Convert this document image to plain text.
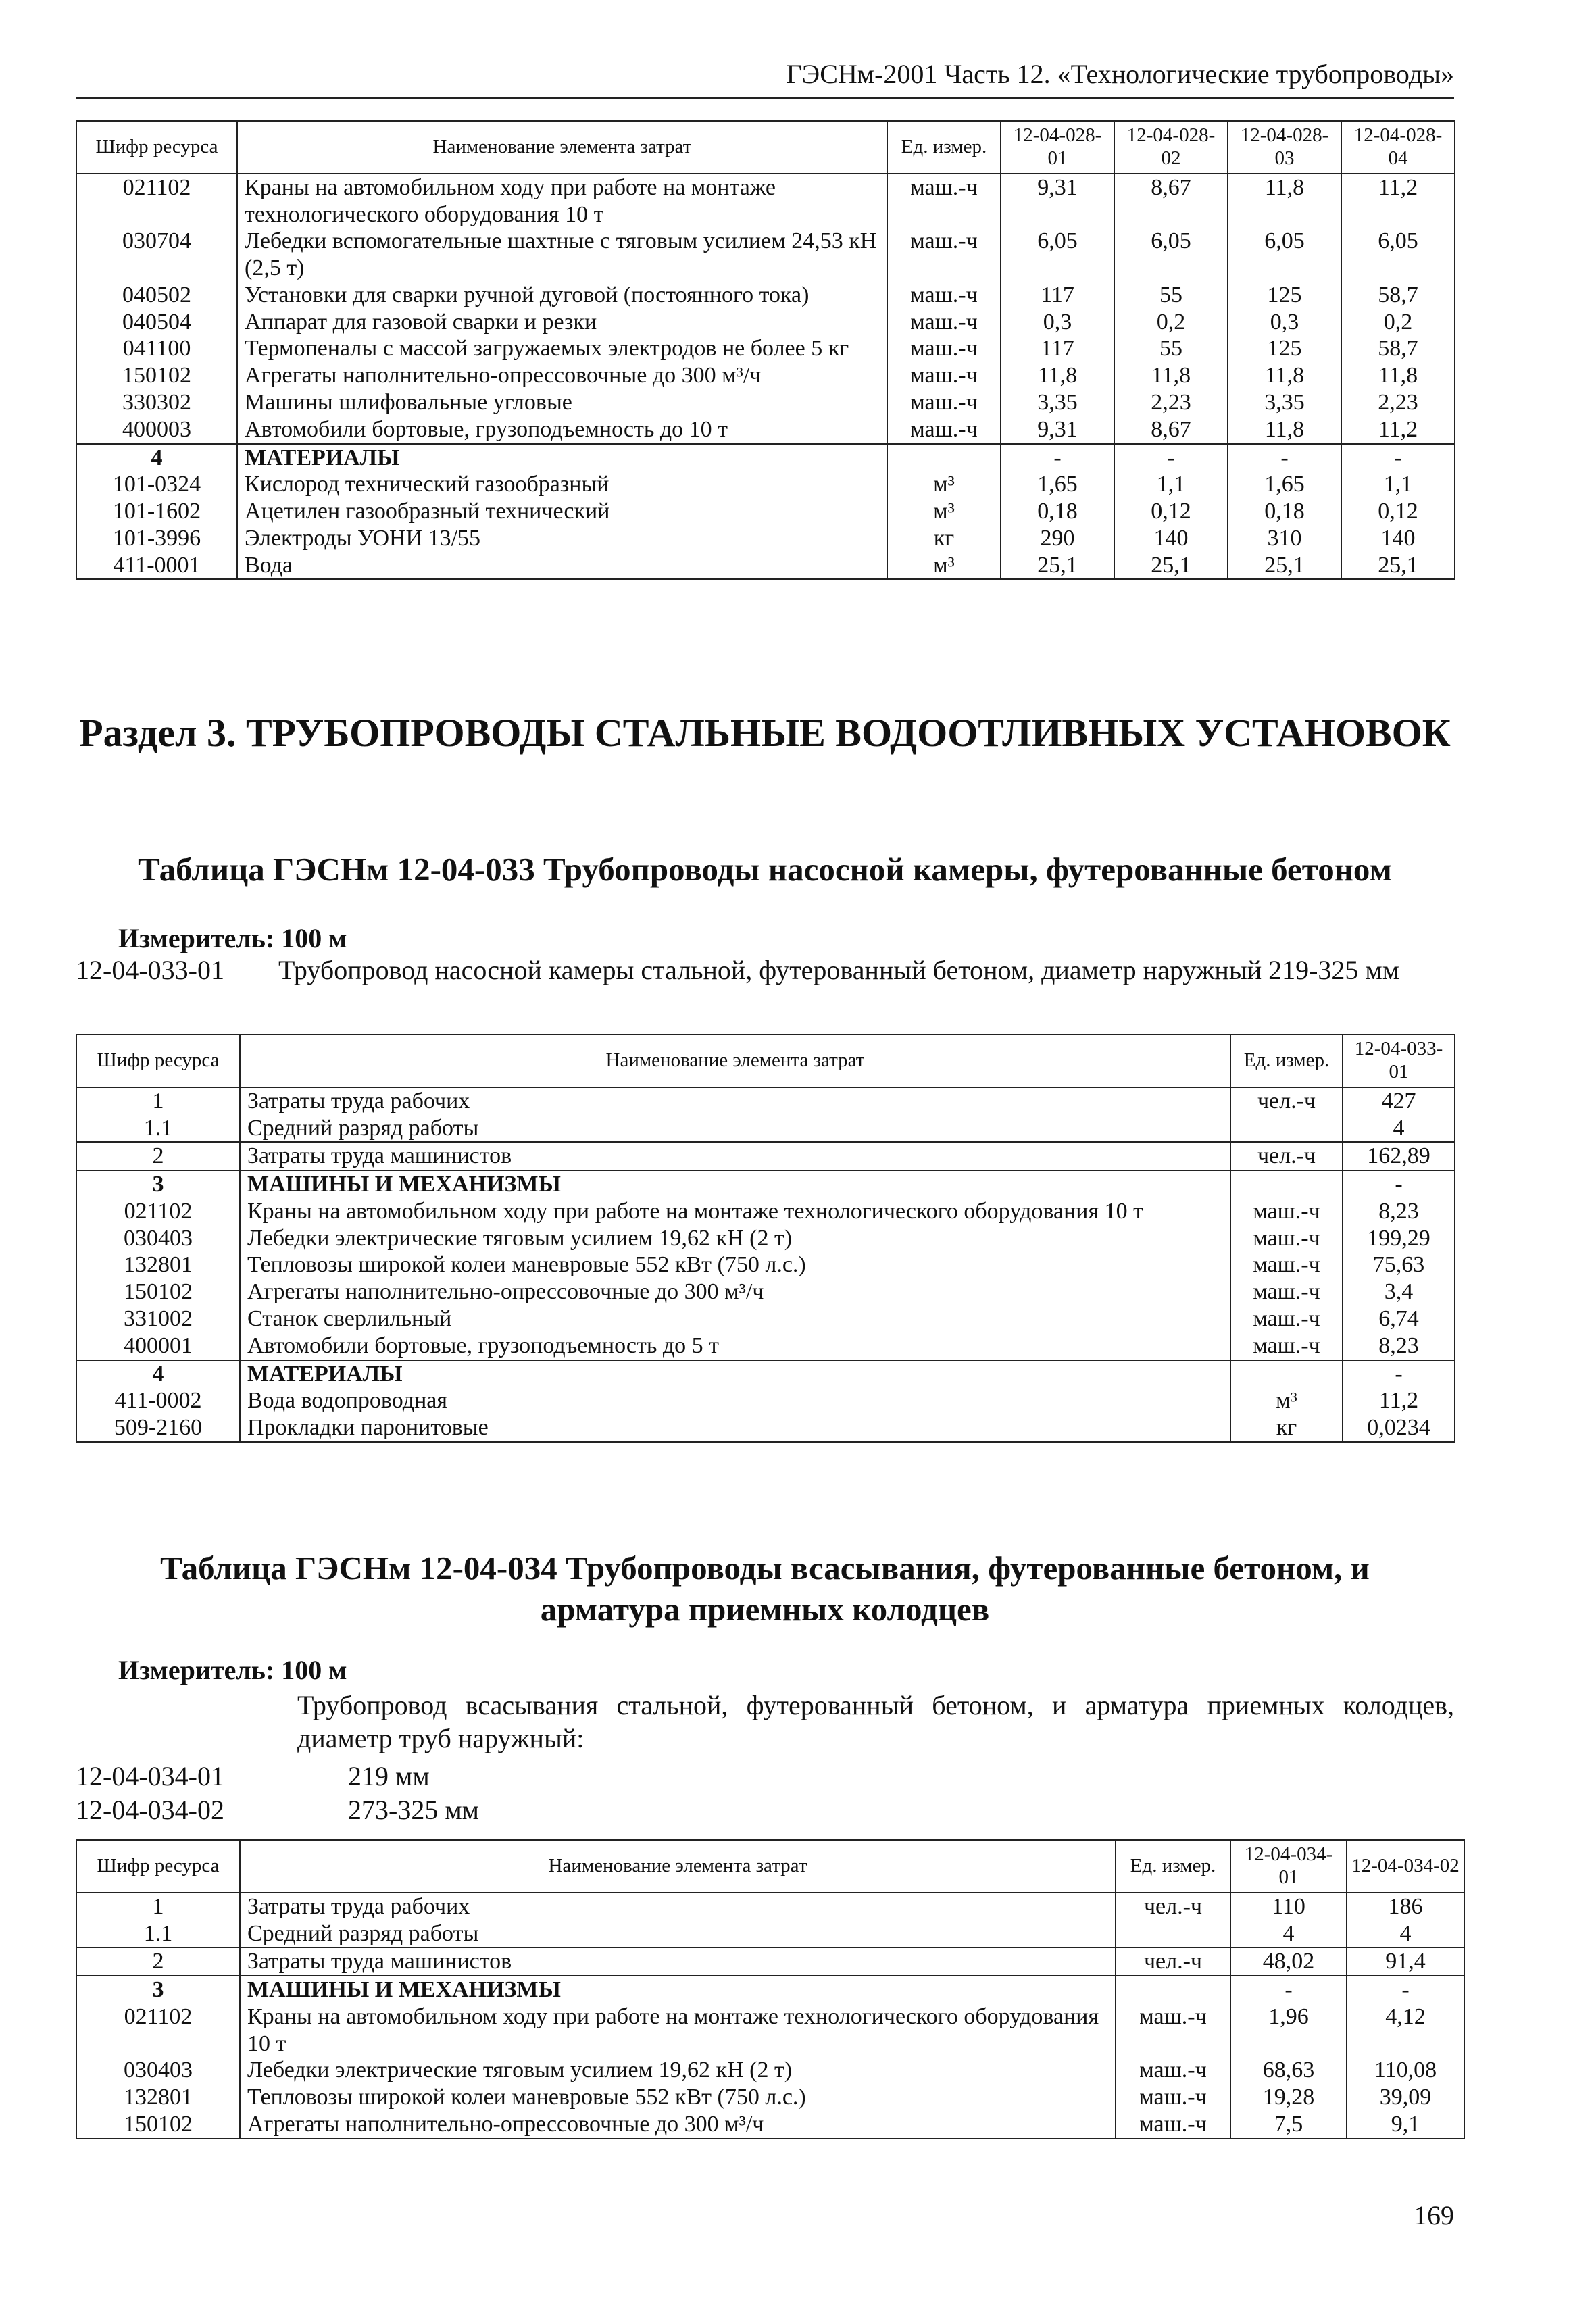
ГЭСНм-2001 Часть 12. «Технологические трубопроводы»
Шифр ресурса	Наименование элемента затрат	Ед. измер.	12-04-028-01	12-04-028-02	12-04-028-03	12-04-028-04
021102	Краны на автомобильном ходу при работе на монтаже технологического оборудования 10 т	маш.-ч	9,31	8,67	11,8	11,2
030704	Лебедки вспомогательные шахтные с тяговым усилием 24,53 кН (2,5 т)	маш.-ч	6,05	6,05	6,05	6,05
040502	Установки для сварки ручной дуговой (постоянного тока)	маш.-ч	117	55	125	58,7
040504	Аппарат для газовой сварки и резки	маш.-ч	0,3	0,2	0,3	0,2
041100	Термопеналы с массой загружаемых электродов не более 5 кг	маш.-ч	117	55	125	58,7
150102	Агрегаты наполнительно-опрессовочные до 300 м³/ч	маш.-ч	11,8	11,8	11,8	11,8
330302	Машины шлифовальные угловые	маш.-ч	3,35	2,23	3,35	2,23
400003	Автомобили бортовые, грузоподъемность до 10 т	маш.-ч	9,31	8,67	11,8	11,2
4	МАТЕРИАЛЫ		-	-	-	-
101-0324	Кислород технический газообразный	м³	1,65	1,1	1,65	1,1
101-1602	Ацетилен газообразный технический	м³	0,18	0,12	0,18	0,12
101-3996	Электроды УОНИ 13/55	кг	290	140	310	140
411-0001	Вода	м³	25,1	25,1	25,1	25,1
Раздел 3. ТРУБОПРОВОДЫ СТАЛЬНЫЕ ВОДООТЛИВНЫХ УСТАНОВОК
Таблица ГЭСНм 12-04-033 Трубопроводы насосной камеры, футерованные бетоном
Измеритель: 100 м
12-04-033-01 Трубопровод насосной камеры стальной, футерованный бетоном, диаметр наружный 219-325 мм
Шифр ресурса	Наименование элемента затрат	Ед. измер.	12-04-033-01
1	Затраты труда рабочих	чел.-ч	427
1.1	Средний разряд работы		4
2	Затраты труда машинистов	чел.-ч	162,89
3	МАШИНЫ И МЕХАНИЗМЫ		-
021102	Краны на автомобильном ходу при работе на монтаже технологического оборудования 10 т	маш.-ч	8,23
030403	Лебедки электрические тяговым усилием 19,62 кН (2 т)	маш.-ч	199,29
132801	Тепловозы широкой колеи маневровые 552 кВт (750 л.с.)	маш.-ч	75,63
150102	Агрегаты наполнительно-опрессовочные до 300 м³/ч	маш.-ч	3,4
331002	Станок сверлильный	маш.-ч	6,74
400001	Автомобили бортовые, грузоподъемность до 5 т	маш.-ч	8,23
4	МАТЕРИАЛЫ		-
411-0002	Вода водопроводная	м³	11,2
509-2160	Прокладки паронитовые	кг	0,0234
Таблица ГЭСНм 12-04-034 Трубопроводы всасывания, футерованные бетоном, и арматура приемных колодцев
Измеритель: 100 м
Трубопровод всасывания стальной, футерованный бетоном, и арматура приемных колодцев, диаметр труб наружный:
12-04-034-01	219 мм
12-04-034-02	273-325 мм
Шифр ресурса	Наименование элемента затрат	Ед. измер.	12-04-034-01	12-04-034-02
1	Затраты труда рабочих	чел.-ч	110	186
1.1	Средний разряд работы		4	4
2	Затраты труда машинистов	чел.-ч	48,02	91,4
3	МАШИНЫ И МЕХАНИЗМЫ		-	-
021102	Краны на автомобильном ходу при работе на монтаже технологического оборудования 10 т	маш.-ч	1,96	4,12
030403	Лебедки электрические тяговым усилием 19,62 кН (2 т)	маш.-ч	68,63	110,08
132801	Тепловозы широкой колеи маневровые 552 кВт (750 л.с.)	маш.-ч	19,28	39,09
150102	Агрегаты наполнительно-опрессовочные до 300 м³/ч	маш.-ч	7,5	9,1
169
